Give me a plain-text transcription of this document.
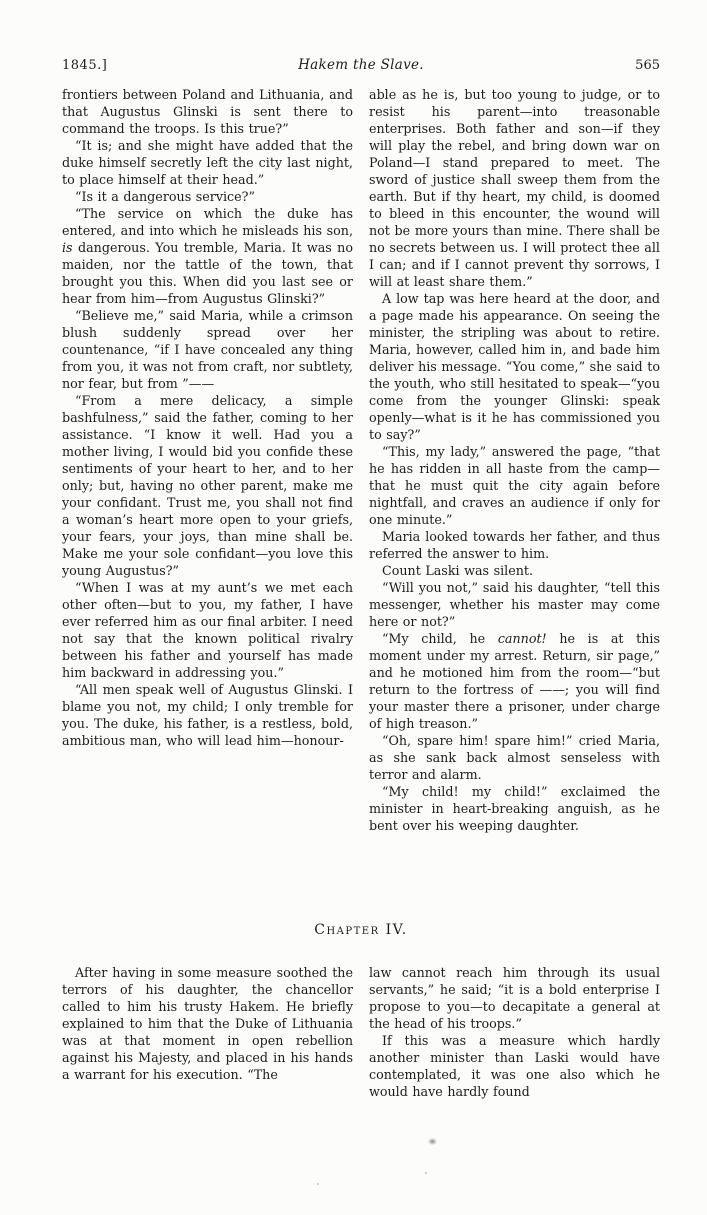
1845.]	Hakem the Slave.	565

frontiers between Poland and Lithuania, and that Augustus Glinski is sent there to command the troops. Is this true?”

“It is; and she might have added that the duke himself secretly left the city last night, to place himself at their head.”

“Is it a dangerous service?”

“The service on which the duke has entered, and into which he misleads his son, is dangerous. You tremble, Maria. It was no maiden, nor the tattle of the town, that brought you this. When did you last see or hear from him—from Augustus Glinski?”

“Believe me,” said Maria, while a crimson blush suddenly spread over her countenance, “if I have concealed any thing from you, it was not from craft, nor subtlety, nor fear, but from ”——

“From a mere delicacy, a simple bashfulness,” said the father, coming to her assistance. “I know it well. Had you a mother living, I would bid you confide these sentiments of your heart to her, and to her only; but, having no other parent, make me your confidant. Trust me, you shall not find a woman’s heart more open to your griefs, your fears, your joys, than mine shall be. Make me your sole confidant—you love this young Augustus?”

“When I was at my aunt’s we met each other often—but to you, my father, I have ever referred him as our final arbiter. I need not say that the known political rivalry between his father and yourself has made him backward in addressing you.”

“All men speak well of Augustus Glinski. I blame you not, my child; I only tremble for you. The duke, his father, is a restless, bold, ambitious man, who will lead him—honour-

able as he is, but too young to judge, or to resist his parent—into treasonable enterprises. Both father and son—if they will play the rebel, and bring down war on Poland—I stand prepared to meet. The sword of justice shall sweep them from the earth. But if thy heart, my child, is doomed to bleed in this encounter, the wound will not be more yours than mine. There shall be no secrets between us. I will protect thee all I can; and if I cannot prevent thy sorrows, I will at least share them.”

A low tap was here heard at the door, and a page made his appearance. On seeing the minister, the stripling was about to retire. Maria, however, called him in, and bade him deliver his message. “You come,” she said to the youth, who still hesitated to speak—“you come from the younger Glinski: speak openly—what is it he has commissioned you to say?”

“This, my lady,” answered the page, “that he has ridden in all haste from the camp—that he must quit the city again before nightfall, and craves an audience if only for one minute.”

Maria looked towards her father, and thus referred the answer to him.

Count Laski was silent.

“Will you not,” said his daughter, “tell this messenger, whether his master may come here or not?”

“My child, he cannot! he is at this moment under my arrest. Return, sir page,” and he motioned him from the room—“but return to the fortress of ——; you will find your master there a prisoner, under charge of high treason.”

“Oh, spare him! spare him!” cried Maria, as she sank back almost senseless with terror and alarm.

“My child! my child!” exclaimed the minister in heart-breaking anguish, as he bent over his weeping daughter.

Chapter IV.

After having in some measure soothed the terrors of his daughter, the chancellor called to him his trusty Hakem. He briefly explained to him that the Duke of Lithuania was at that moment in open rebellion against his Majesty, and placed in his hands a warrant for his execution. “The

law cannot reach him through its usual servants,” he said; “it is a bold enterprise I propose to you—to decapitate a general at the head of his troops.”

If this was a measure which hardly another minister than Laski would have contemplated, it was one also which he would have hardly found
